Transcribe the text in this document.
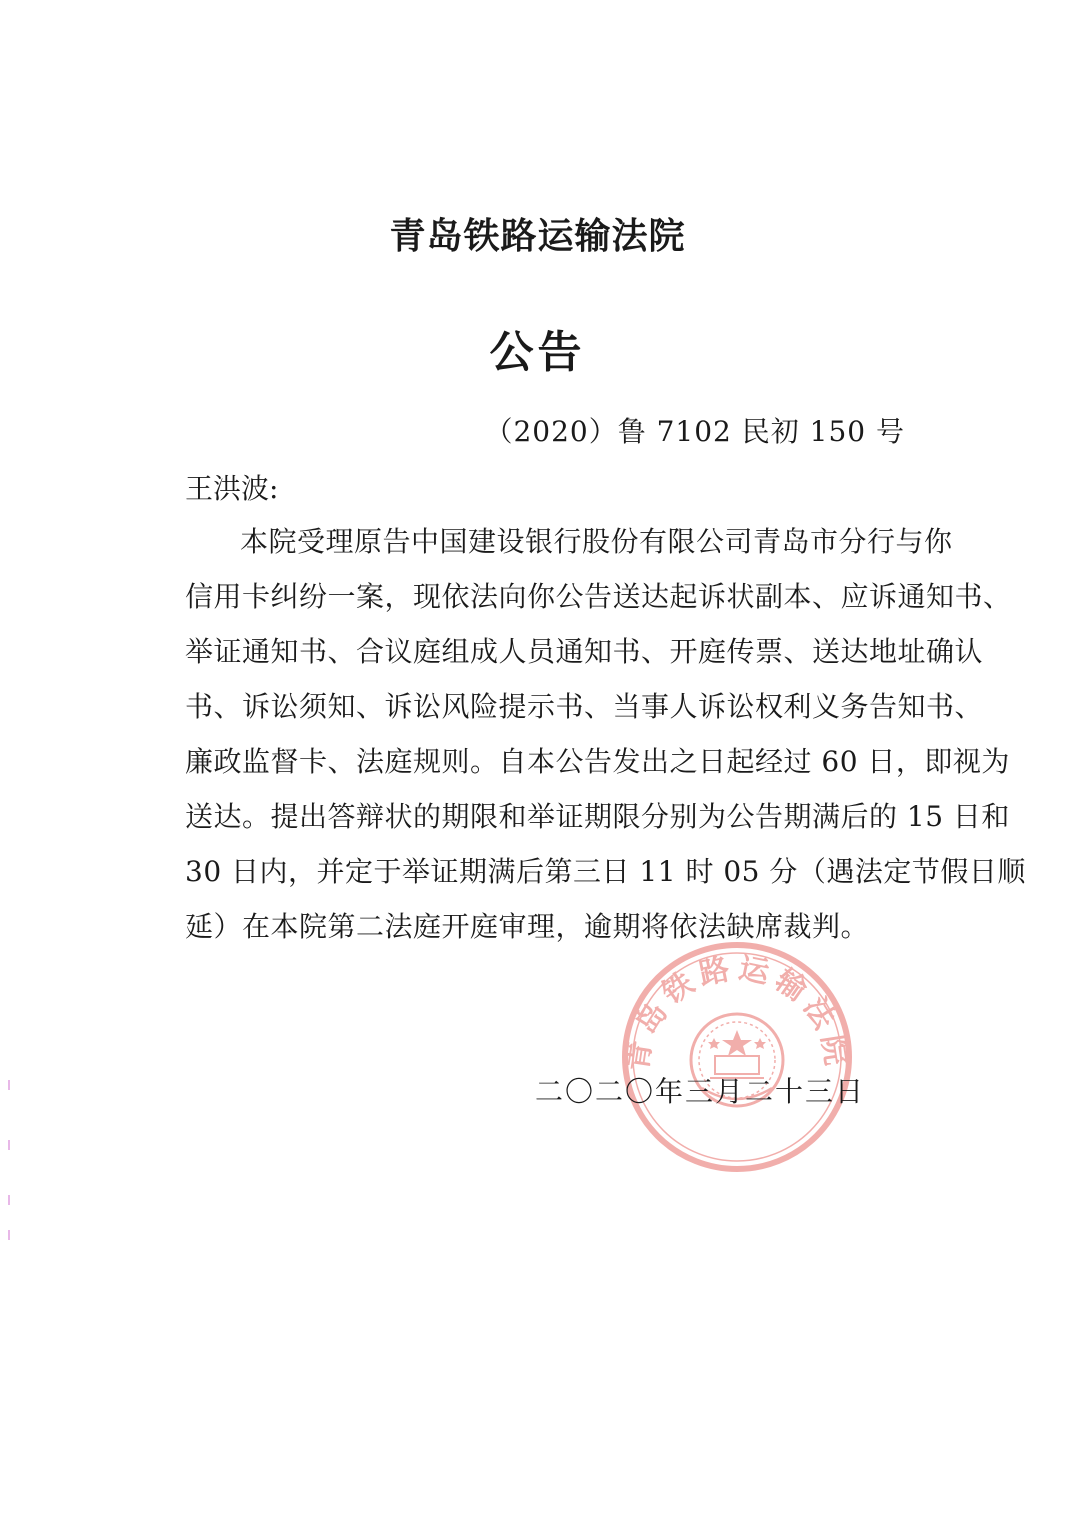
青岛铁路运输法院
公告
（2020）鲁 7102 民初 150 号
王洪波:
本院受理原告中国建设银行股份有限公司青岛市分行与你
信用卡纠纷一案，现依法向你公告送达起诉状副本、应诉通知书、
举证通知书、合议庭组成人员通知书、开庭传票、送达地址确认
书、诉讼须知、诉讼风险提示书、当事人诉讼权利义务告知书、
廉政监督卡、法庭规则。自本公告发出之日起经过 60 日，即视为
送达。提出答辩状的期限和举证期限分别为公告期满后的 15 日和
30 日内，并定于举证期满后第三日 11 时 05 分（遇法定节假日顺
延）在本院第二法庭开庭审理，逾期将依法缺席裁判。
青岛铁路运输法院
二〇二〇年三月二十三日
